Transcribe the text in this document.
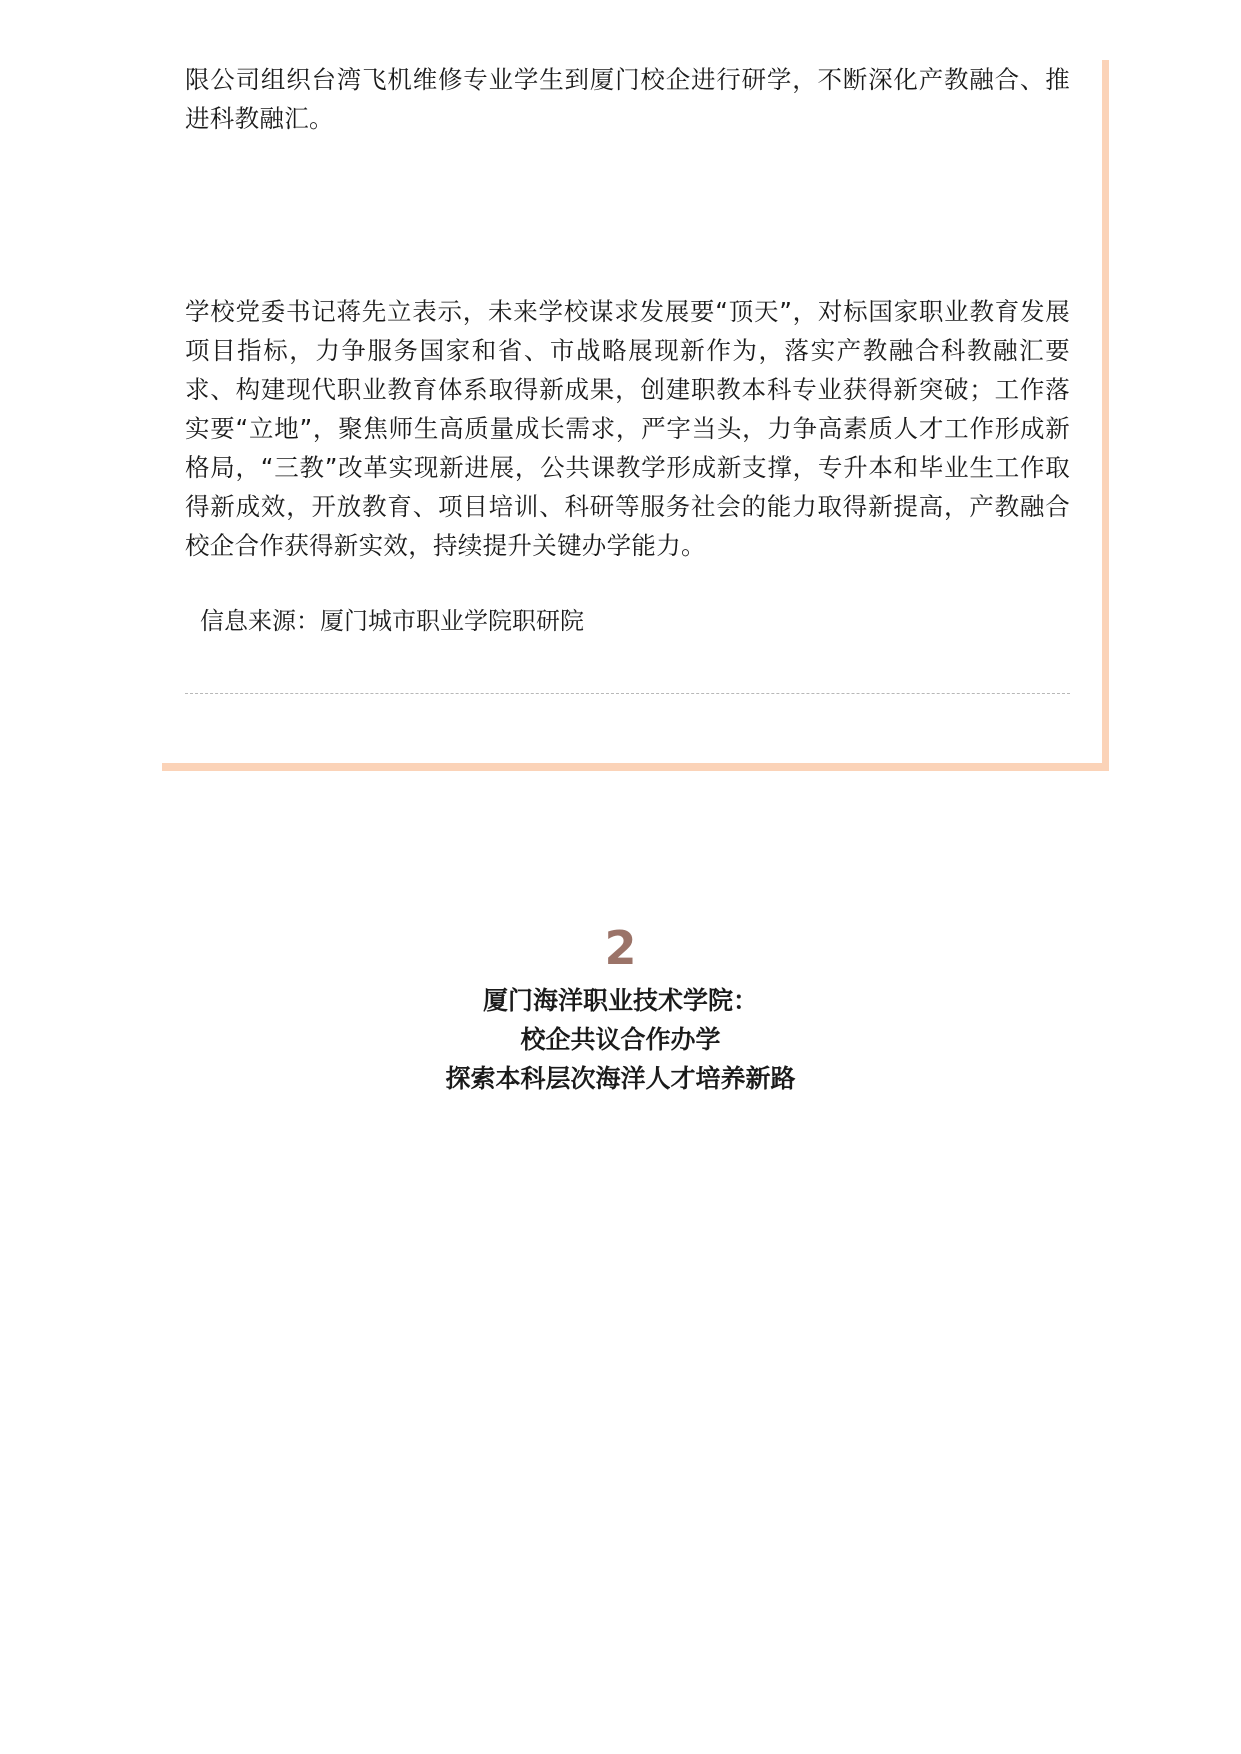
限公司组织台湾飞机维修专业学生到厦门校企进行研学，不断深化产教融合、推进科教融汇。

学校党委书记蒋先立表示，未来学校谋求发展要“顶天”，对标国家职业教育发展项目指标，力争服务国家和省、市战略展现新作为，落实产教融合科教融汇要求、构建现代职业教育体系取得新成果，创建职教本科专业获得新突破；工作落实要“立地”，聚焦师生高质量成长需求，严字当头，力争高素质人才工作形成新格局，“三教”改革实现新进展，公共课教学形成新支撑，专升本和毕业生工作取得新成效，开放教育、项目培训、科研等服务社会的能力取得新提高，产教融合校企合作获得新实效，持续提升关键办学能力。

信息来源：厦门城市职业学院职研院

2
厦门海洋职业技术学院：
校企共议合作办学
探索本科层次海洋人才培养新路
